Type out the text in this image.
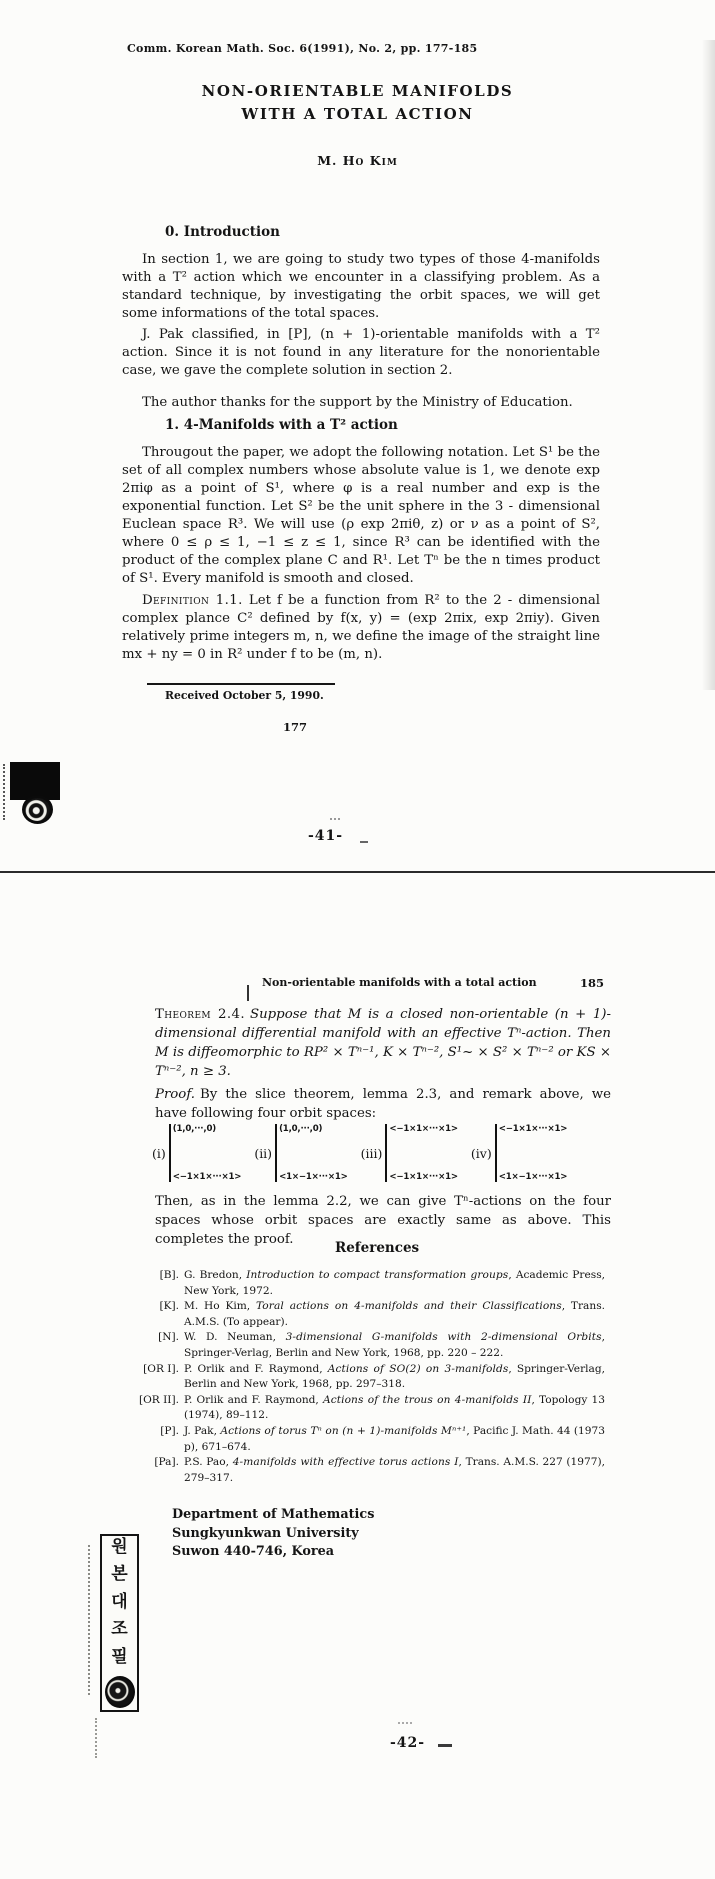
Comm. Korean Math. Soc. 6(1991), No. 2, pp. 177-185
NON-ORIENTABLE MANIFOLDS
WITH A TOTAL ACTION
M. Ho Kim
0. Introduction

In section 1, we are going to study two types of those 4-manifolds with a T² action which we encounter in a classifying problem. As a standard technique, by investigating the orbit spaces, we will get some informations of the total spaces.

J. Pak classified, in [P], (n + 1)-orientable manifolds with a T² action. Since it is not found in any literature for the nonorientable case, we gave the complete solution in section 2.

The author thanks for the support by the Ministry of Education.

1. 4-Manifolds with a T² action

Througout the paper, we adopt the following notation. Let S¹ be the set of all complex numbers whose absolute value is 1, we denote exp 2πiφ as a point of S¹, where φ is a real number and exp is the exponential function. Let S² be the unit sphere in the 3 - dimensional Euclean space R³. We will use (ρ exp 2πiθ, z) or ν as a point of S², where 0 ≤ ρ ≤ 1, −1 ≤ z ≤ 1, since R³ can be identified with the product of the complex plane C and R¹. Let Tⁿ be the n times product of S¹. Every manifold is smooth and closed.

Definition 1.1. Let f be a function from R² to the 2 - dimensional complex plance C² defined by f(x, y) = (exp 2πix, exp 2πiy). Given relatively prime integers m, n, we define the image of the straight line mx + ny = 0 in R² under f to be (m, n).

Received October 5, 1990.
177
-41-
Non-orientable manifolds with a total action	185

Theorem 2.4. Suppose that M is a closed non-orientable (n + 1)-dimensional differential manifold with an effective Tⁿ-action. Then M is diffeomorphic to RP² × Tⁿ⁻¹, K × Tⁿ⁻², S¹~ × S² × Tⁿ⁻² or KS × Tⁿ⁻², n ≥ 3.

Proof. By the slice theorem, lemma 2.3, and remark above, we have following four orbit spaces:

(i)
(1,0,···,0)
<−1×1×···×1>
(ii)
(1,0,···,0)
<1×−1×···×1>
(iii)
<−1×1×···×1>
<−1×1×···×1>
(iv)
<−1×1×···×1>
<1×−1×···×1>

Then, as in the lemma 2.2, we can give Tⁿ-actions on the four spaces whose orbit spaces are exactly same as above. This completes the proof.

References
[B]. G. Bredon, Introduction to compact transformation groups, Academic Press, New York, 1972.
[K]. M. Ho Kim, Toral actions on 4-manifolds and their Classifications, Trans. A.M.S. (To appear).
[N]. W. D. Neuman, 3-dimensional G-manifolds with 2-dimensional Orbits, Springer-Verlag, Berlin and New York, 1968, pp. 220 – 222.
[OR I]. P. Orlik and F. Raymond, Actions of SO(2) on 3-manifolds, Springer-Verlag, Berlin and New York, 1968, pp. 297–318.
[OR II]. P. Orlik and F. Raymond, Actions of the trous on 4-manifolds II, Topology 13 (1974), 89–112.
[P]. J. Pak, Actions of torus Tⁿ on (n + 1)-manifolds Mⁿ⁺¹, Pacific J. Math. 44 (1973 p), 671–674.
[Pa]. P.S. Pao, 4-manifolds with effective torus actions I, Trans. A.M.S. 227 (1977), 279–317.
Department of Mathematics
Sungkyunkwan University
Suwon 440-746, Korea
원
본
대
조
필
-42-
